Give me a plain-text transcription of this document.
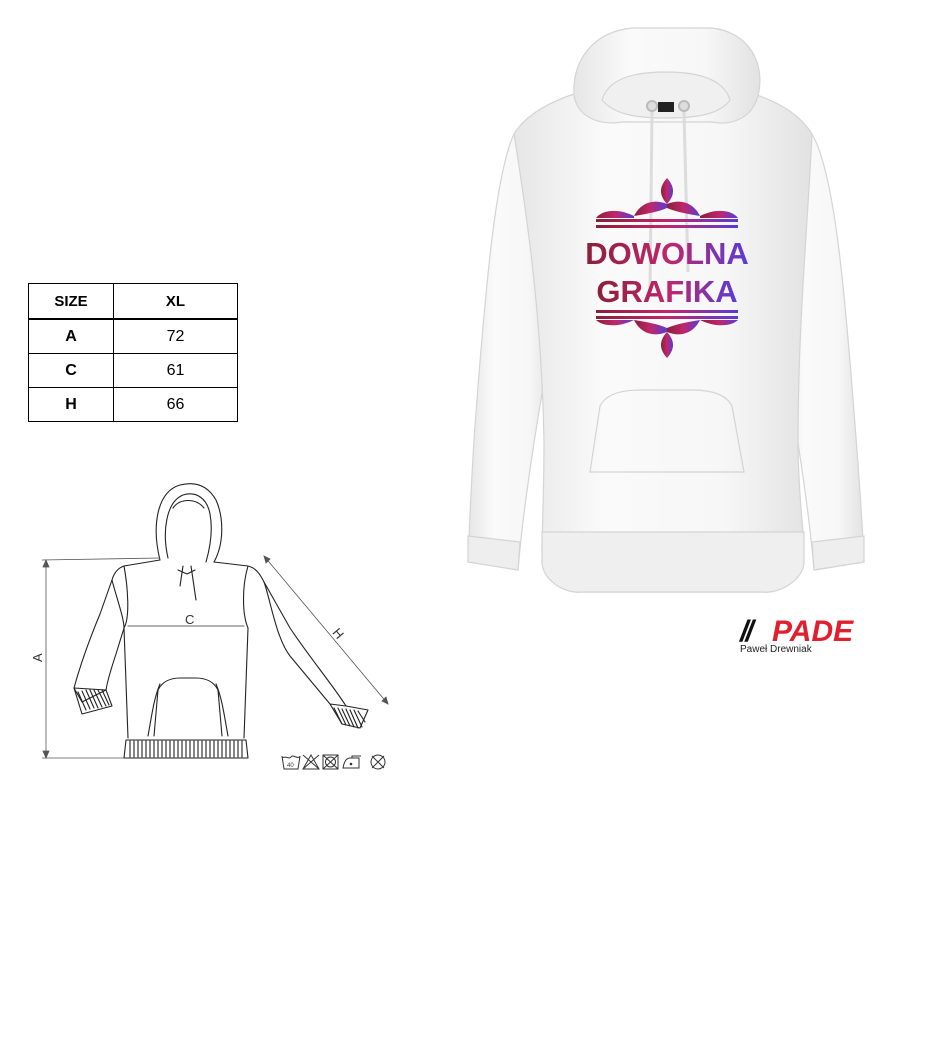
SIZE	XL
A	72
C	61
H	66
A
C
H
40
DOWOLNA
GRAFIKA
// PADE
Paweł Drewniak
